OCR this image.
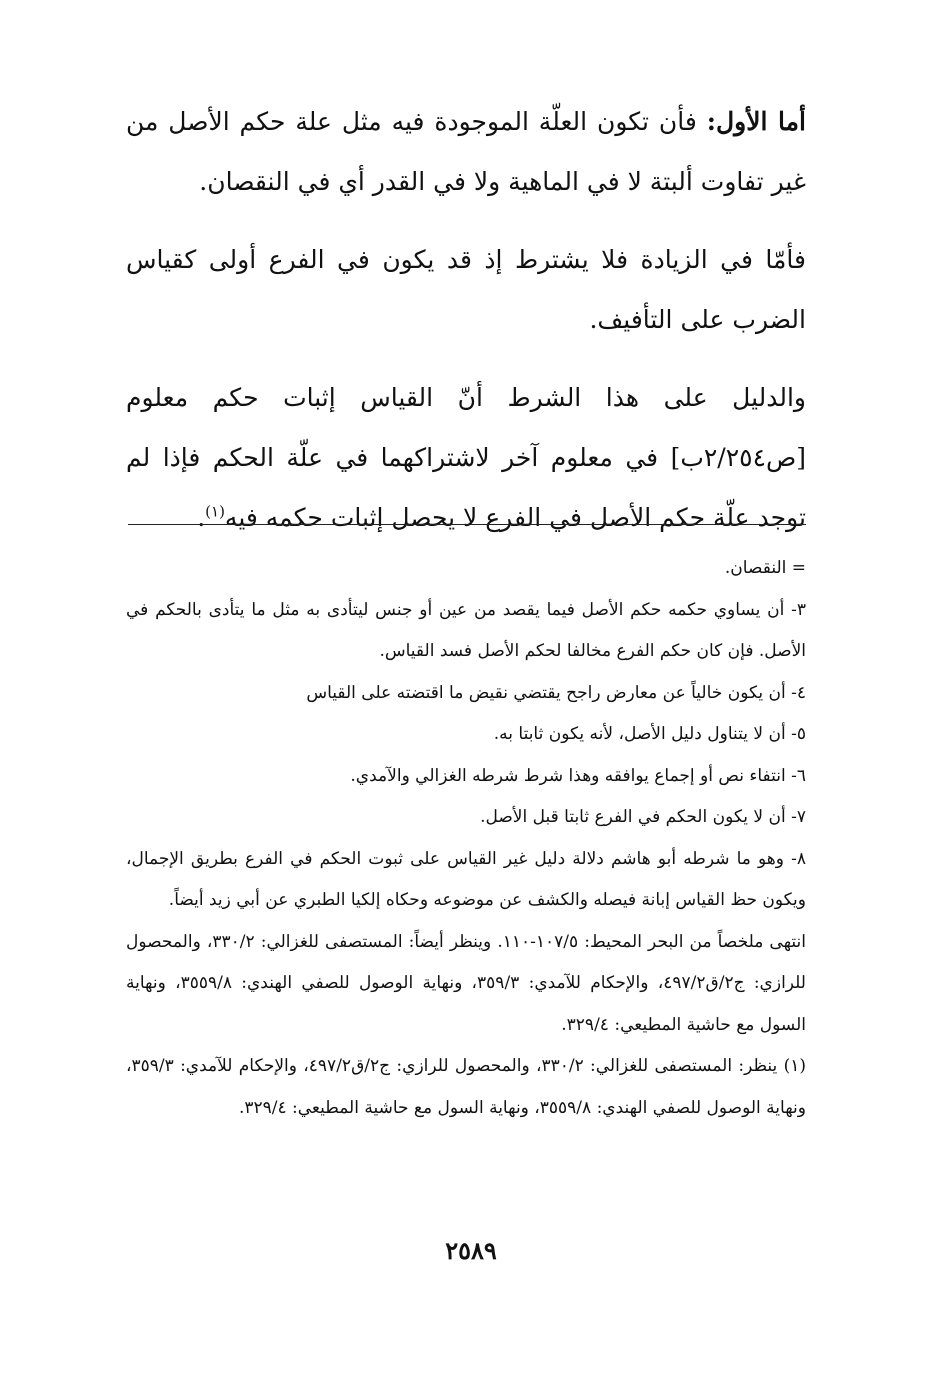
أما الأول: فأن تكون العلّة الموجودة فيه مثل علة حكم الأصل من غير تفاوت ألبتة لا في الماهية ولا في القدر أي في النقصان.

فأمّا في الزيادة فلا يشترط إذ قد يكون في الفرع أولى كقياس الضرب على التأفيف.

والدليل على هذا الشرط أنّ القياس إثبات حكم معلوم [ص٢/٢٥٤ب] في معلوم آخر لاشتراكهما في علّة الحكم فإذا لم توجد علّة حكم الأصل في الفرع لا يحصل إثبات حكمه فيه$^{(١)}$.

= النقصان.

٣- أن يساوي حكمه حكم الأصل فيما يقصد من عين أو جنس ليتأدى به مثل ما يتأدى بالحكم في الأصل. فإن كان حكم الفرع مخالفا لحكم الأصل فسد القياس.

٤- أن يكون خالياً عن معارض راجح يقتضي نقيض ما اقتضته على القياس

٥- أن لا يتناول دليل الأصل، لأنه يكون ثابتا به.

٦- انتفاء نص أو إجماع يوافقه وهذا شرط شرطه الغزالي والآمدي.

٧- أن لا يكون الحكم في الفرع ثابتا قبل الأصل.

٨- وهو ما شرطه أبو هاشم دلالة دليل غير القياس على ثبوت الحكم في الفرع بطريق الإجمال، ويكون حظ القياس إبانة فيصله والكشف عن موضوعه وحكاه إلكيا الطبري عن أبي زيد أيضاً.

انتهى ملخصاً من البحر المحيط: ١٠٧/٥-١١٠. وينظر أيضاً: المستصفى للغزالي: ٣٣٠/٢، والمحصول للرازي: ج٢/ق٤٩٧/٢، والإحكام للآمدي: ٣٥٩/٣، ونهاية الوصول للصفي الهندي: ٣٥٥٩/٨، ونهاية السول مع حاشية المطيعي: ٣٢٩/٤.

(١) ينظر: المستصفى للغزالي: ٣٣٠/٢، والمحصول للرازي: ج٢/ق٤٩٧/٢، والإحكام للآمدي: ٣٥٩/٣، ونهاية الوصول للصفي الهندي: ٣٥٥٩/٨، ونهاية السول مع حاشية المطيعي: ٣٢٩/٤.

٢٥٨٩
